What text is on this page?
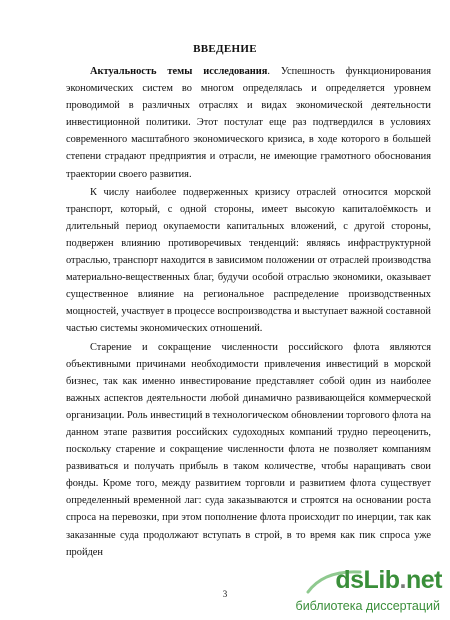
ВВЕДЕНИЕ

Актуальность темы исследования. Успешность функционирования экономических систем во многом определялась и определяется уровнем проводимой в различных отраслях и видах экономической деятельности инвестиционной политики. Этот постулат еще раз подтвердился в условиях современного масштабного экономического кризиса, в ходе которого в большей степени страдают предприятия и отрасли, не имеющие грамотного обоснования траектории своего развития.

К числу наиболее подверженных кризису отраслей относится морской транспорт, который, с одной стороны, имеет высокую капиталоёмкость и длительный период окупаемости капитальных вложений, с другой стороны, подвержен влиянию противоречивых тенденций: являясь инфраструктурной отраслью, транспорт находится в зависимом положении от отраслей производства материально-вещественных благ, будучи особой отраслью экономики, оказывает существенное влияние на региональное распределение производственных мощностей, участвует в процессе воспроизводства и выступает важной составной частью системы экономических отношений.

Старение и сокращение численности российского флота являются объективными причинами необходимости привлечения инвестиций в морской бизнес, так как именно инвестирование представляет собой один из наиболее важных аспектов деятельности любой динамично развивающейся коммерческой организации. Роль инвестиций в технологическом обновлении торгового флота на данном этапе развития российских судоходных компаний трудно переоценить, поскольку старение и сокращение численности флота не позволяет компаниям развиваться и получать прибыль в таком количестве, чтобы наращивать свои фонды. Кроме того, между развитием торговли и развитием флота существует определенный временной лаг: суда заказываются и строятся на основании роста спроса на перевозки, при этом пополнение флота происходит по инерции, так как заказанные суда продолжают вступать в строй, в то время как пик спроса уже пройден

3	dsLib.net
библиотека диссертаций
